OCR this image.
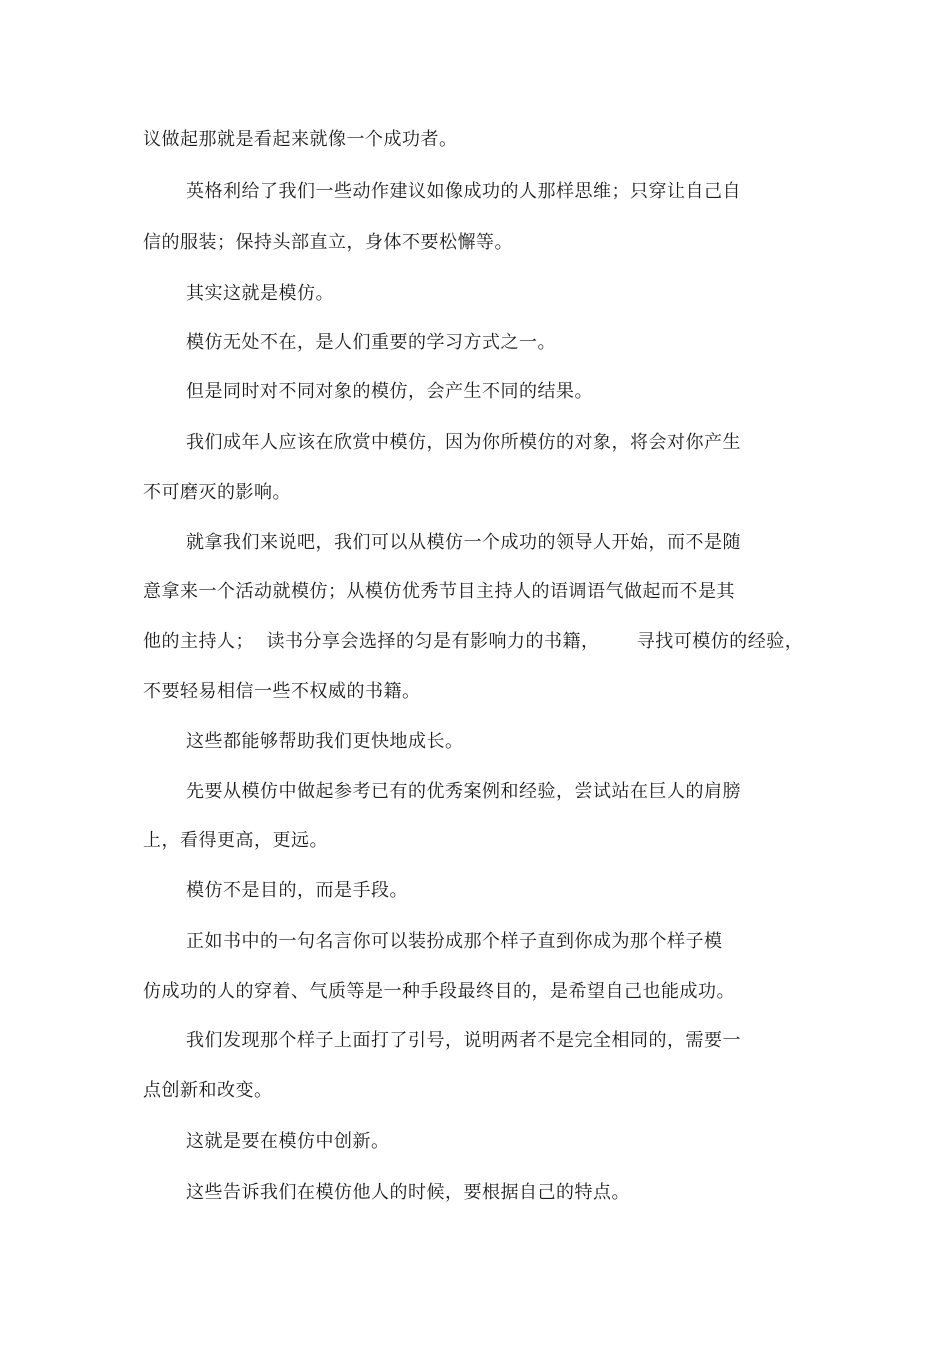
议做起那就是看起来就像一个成功者。
英格利给了我们一些动作建议如像成功的人那样思维；只穿让自己自
信的服装；保持头部直立，身体不要松懈等。
其实这就是模仿。
模仿无处不在，是人们重要的学习方式之一。
但是同时对不同对象的模仿，会产生不同的结果。
我们成年人应该在欣赏中模仿，因为你所模仿的对象，将会对你产生
不可磨灭的影响。
就拿我们来说吧，我们可以从模仿一个成功的领导人开始，而不是随
意拿来一个活动就模仿；从模仿优秀节目主持人的语调语气做起而不是其
他的主持人；  读书分享会选择的匀是有影响力的书籍，      寻找可模仿的经验，
不要轻易相信一些不权威的书籍。
这些都能够帮助我们更快地成长。
先要从模仿中做起参考已有的优秀案例和经验，尝试站在巨人的肩膀
上，看得更高，更远。
模仿不是目的，而是手段。
正如书中的一句名言你可以装扮成那个样子直到你成为那个样子模
仿成功的人的穿着、气质等是一种手段最终目的，是希望自己也能成功。
我们发现那个样子上面打了引号，说明两者不是完全相同的，需要一
点创新和改变。
这就是要在模仿中创新。
这些告诉我们在模仿他人的时候，要根据自己的特点。
